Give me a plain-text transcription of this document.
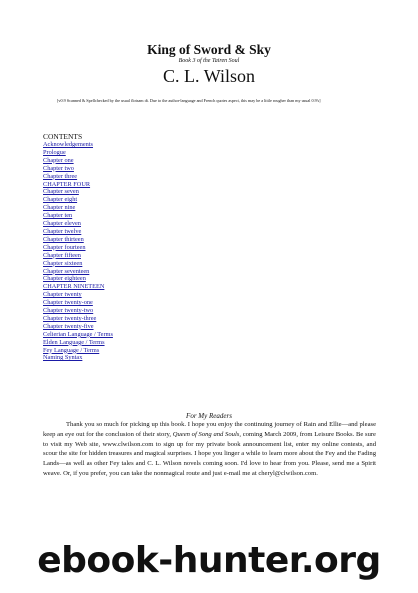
King of Sword & Sky
Book 3 of the Tairen Soul
C. L. Wilson
[v0.9 Scanned & Spellchecked by the usual flotsam dt. Due to the author-language and French quotes aspect, this may be a little rougher than my usual 0.9's]
CONTENTS
Acknowledgements
Prologue
Chapter one
Chapter two
Chapter three
CHAPTER FOUR
Chapter seven
Chapter eight
Chapter nine
Chapter ten
Chapter eleven
Chapter twelve
Chapter thirteen
Chapter fourteen
Chapter fifteen
Chapter sixteen
Chapter seventeen
Chapter eighteen
CHAPTER NINETEEN
Chapter twenty
Chapter twenty-one
Chapter twenty-two
Chapter twenty-three
Chapter twenty-five
Celierian Language / Terms
Elden Language / Terms
Fey Language / Terms
Naming Syntax
For My Readers

Thank you so much for picking up this book. I hope you enjoy the continuing journey of Rain and Ellie—and please keep an eye out for the conclusion of their story, Queen of Song and Souls, coming March 2009, from Leisure Books. Be sure to visit my Web site, www.clwilson.com to sign up for my private book announcement list, enter my online contests, and scour the site for hidden treasures and magical surprises. I hope you linger a while to learn more about the Fey and the Fading Lands—as well as other Fey tales and C. L. Wilson novels coming soon. I'd love to hear from you. Please, send me a Spirit weave. Or, if you prefer, you can take the nonmagical route and just e-mail me at cheryl@clwilson.com.

ebook-hunter.org
